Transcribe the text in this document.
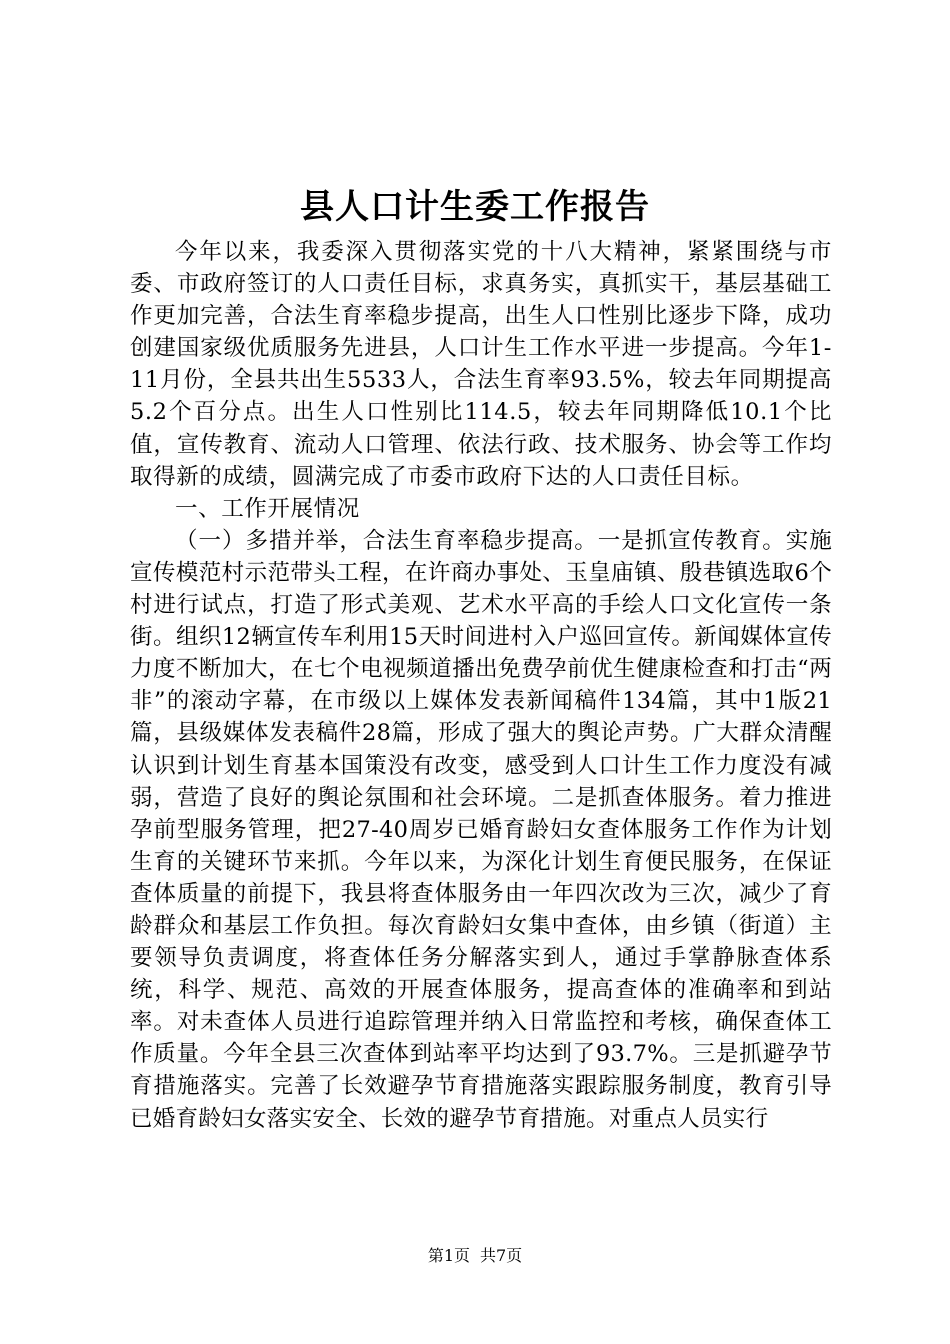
县人口计生委工作报告

今年以来，我委深入贯彻落实党的十八大精神，紧紧围绕与市委、市政府签订的人口责任目标，求真务实，真抓实干，基层基础工作更加完善，合法生育率稳步提高，出生人口性别比逐步下降，成功创建国家级优质服务先进县，人口计生工作水平进一步提高。今年1-11月份，全县共出生5533人，合法生育率93.5%，较去年同期提高5.2个百分点。出生人口性别比114.5，较去年同期降低10.1个比值，宣传教育、流动人口管理、依法行政、技术服务、协会等工作均取得新的成绩，圆满完成了市委市政府下达的人口责任目标。

一、工作开展情况

（一）多措并举，合法生育率稳步提高。一是抓宣传教育。实施宣传模范村示范带头工程，在许商办事处、玉皇庙镇、殷巷镇选取6个村进行试点，打造了形式美观、艺术水平高的手绘人口文化宣传一条街。组织12辆宣传车利用15天时间进村入户巡回宣传。新闻媒体宣传力度不断加大，在七个电视频道播出免费孕前优生健康检查和打击“两非”的滚动字幕，在市级以上媒体发表新闻稿件134篇，其中1版21篇，县级媒体发表稿件28篇，形成了强大的舆论声势。广大群众清醒认识到计划生育基本国策没有改变，感受到人口计生工作力度没有减弱，营造了良好的舆论氛围和社会环境。二是抓查体服务。着力推进孕前型服务管理，把27-40周岁已婚育龄妇女查体服务工作作为计划生育的关键环节来抓。今年以来，为深化计划生育便民服务，在保证查体质量的前提下，我县将查体服务由一年四次改为三次，减少了育龄群众和基层工作负担。每次育龄妇女集中查体，由乡镇（街道）主要领导负责调度，将查体任务分解落实到人，通过手掌静脉查体系统，科学、规范、高效的开展查体服务，提高查体的准确率和到站率。对未查体人员进行追踪管理并纳入日常监控和考核，确保查体工作质量。今年全县三次查体到站率平均达到了93.7%。三是抓避孕节育措施落实。完善了长效避孕节育措施落实跟踪服务制度，教育引导已婚育龄妇女落实安全、长效的避孕节育措施。对重点人员实行

第1页 共7页
